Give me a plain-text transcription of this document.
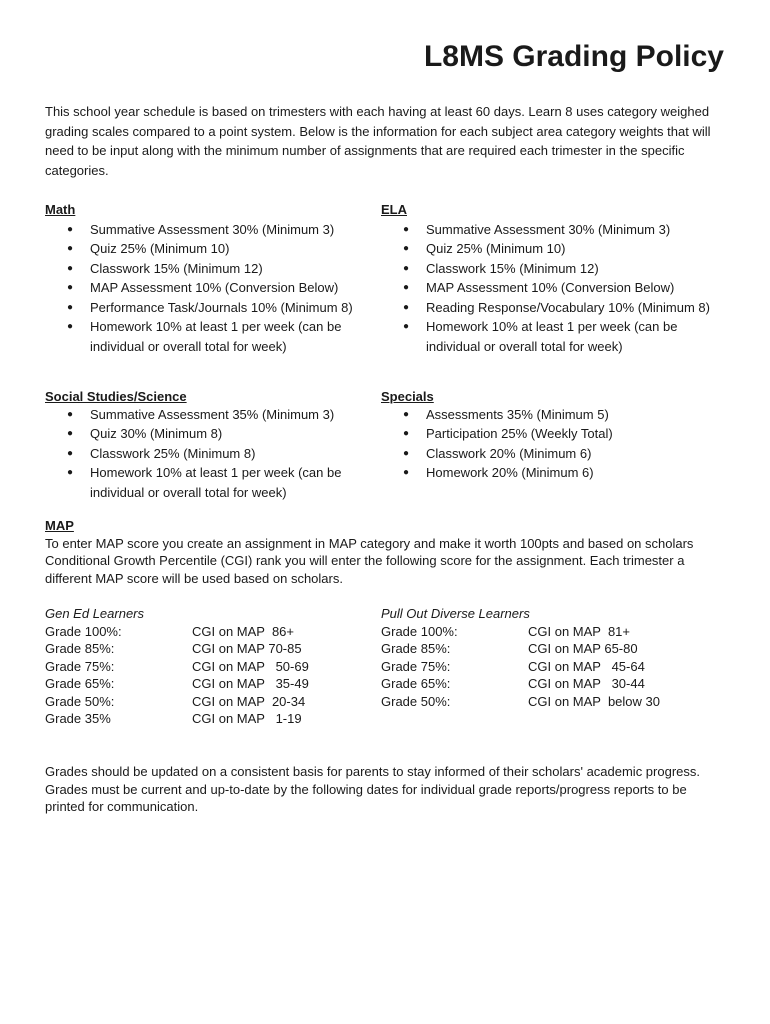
L8MS Grading Policy

This school year schedule is based on trimesters with each having at least 60 days. Learn 8 uses category weighed grading scales compared to a point system. Below is the information for each subject area category weights that will need to be input along with the minimum number of assignments that are required each trimester in the specific categories.

Math
● Summative Assessment 30% (Minimum 3)
● Quiz 25% (Minimum 10)
● Classwork 15% (Minimum 12)
● MAP Assessment 10% (Conversion Below)
● Performance Task/Journals 10% (Minimum 8)
● Homework 10% at least 1 per week (can be individual or overall total for week)
ELA
● Summative Assessment 30% (Minimum 3)
● Quiz 25% (Minimum 10)
● Classwork 15% (Minimum 12)
● MAP Assessment 10% (Conversion Below)
● Reading Response/Vocabulary 10% (Minimum 8)
● Homework 10% at least 1 per week (can be individual or overall total for week)
Social Studies/Science
● Summative Assessment 35% (Minimum 3)
● Quiz 30% (Minimum 8)
● Classwork 25% (Minimum 8)
● Homework 10% at least 1 per week (can be individual or overall total for week)
Specials
● Assessments 35% (Minimum 5)
● Participation 25% (Weekly Total)
● Classwork 20% (Minimum 6)
● Homework 20% (Minimum 6)
MAP
To enter MAP score you create an assignment in MAP category and make it worth 100pts and based on scholars Conditional Growth Percentile (CGI) rank you will enter the following score for the assignment. Each trimester a different MAP score will be used based on scholars.
Gen Ed Learners
Grade 100%:	CGI on MAP  86+
Grade 85%:	CGI on MAP 70-85
Grade 75%:	CGI on MAP   50-69
Grade 65%:	CGI on MAP   35-49
Grade 50%:	CGI on MAP  20-34
Grade 35%	CGI on MAP   1-19
Pull Out Diverse Learners
Grade 100%:	CGI on MAP  81+
Grade 85%:	CGI on MAP 65-80
Grade 75%:	CGI on MAP   45-64
Grade 65%:	CGI on MAP   30-44
Grade 50%:	CGI on MAP  below 30

Grades should be updated on a consistent basis for parents to stay informed of their scholars' academic progress. Grades must be current and up-to-date by the following dates for individual grade reports/progress reports to be printed for communication.
